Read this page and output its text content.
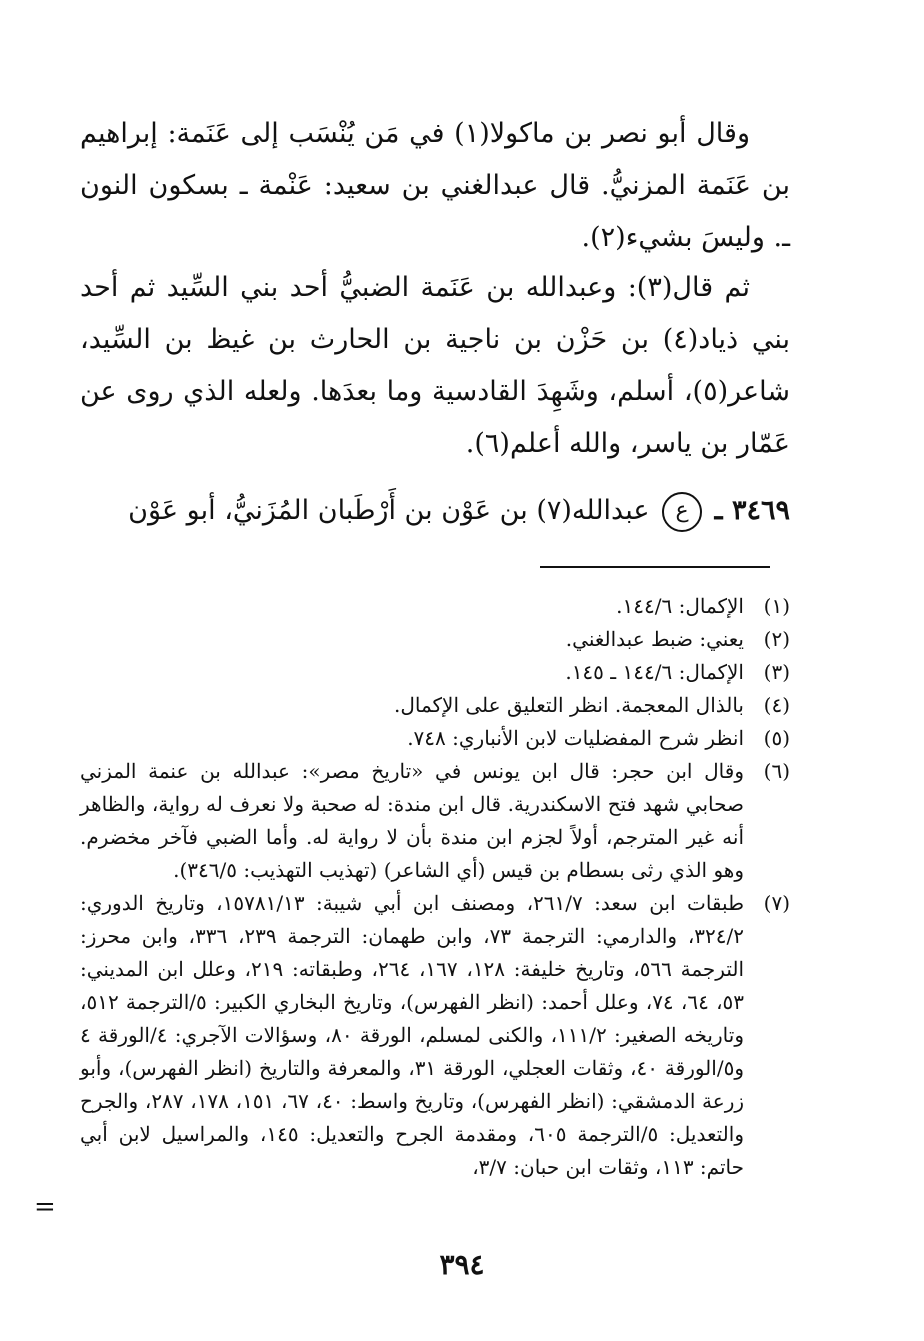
وقال أبو نصر بن ماكولا(١) في مَن يُنْسَب إلى عَنَمة: إبراهيم بن عَنَمة المزنيُّ. قال عبدالغني بن سعيد: عَنْمة ـ بسكون النون ـ. وليسَ بشيء(٢).

ثم قال(٣): وعبدالله بن عَنَمة الضبيُّ أحد بني السِّيد ثم أحد بني ذياد(٤) بن حَزْن بن ناجية بن الحارث بن غيظ بن السِّيد، شاعر(٥)، أسلم، وشَهِدَ القادسية وما بعدَها. ولعله الذي روى عن عَمّار بن ياسر، والله أعلم(٦).

٣٤٦٩ ـ ع عبدالله(٧) بن عَوْن بن أَرْطَبان المُزَنيُّ، أبو عَوْن
(١)
الإكمال: ١٤٤/٦.
(٢)
يعني: ضبط عبدالغني.
(٣)
الإكمال: ١٤٤/٦ ـ ١٤٥.
(٤)
بالذال المعجمة. انظر التعليق على الإكمال.
(٥)
انظر شرح المفضليات لابن الأنباري: ٧٤٨.
(٦)
وقال ابن حجر: قال ابن يونس في «تاريخ مصر»: عبدالله بن عنمة المزني صحابي شهد فتح الاسكندرية. قال ابن مندة: له صحبة ولا نعرف له رواية، والظاهر أنه غير المترجم، أولاً لجزم ابن مندة بأن لا رواية له. وأما الضبي فآخر مخضرم. وهو الذي رثى بسطام بن قيس (أي الشاعر) (تهذيب التهذيب: ٣٤٦/٥).
(٧)
طبقات ابن سعد: ٢٦١/٧، ومصنف ابن أبي شيبة: ١٥٧٨١/١٣، وتاريخ الدوري: ٣٢٤/٢، والدارمي: الترجمة ٧٣، وابن طهمان: الترجمة ٢٣٩، ٣٣٦، وابن محرز: الترجمة ٥٦٦، وتاريخ خليفة: ١٢٨، ١٦٧، ٢٦٤، وطبقاته: ٢١٩، وعلل ابن المديني: ٥٣، ٦٤، ٧٤، وعلل أحمد: (انظر الفهرس)، وتاريخ البخاري الكبير: ٥/الترجمة ٥١٢، وتاريخه الصغير: ١١١/٢، والكنى لمسلم، الورقة ٨٠، وسؤالات الآجري: ٤/الورقة ٤ و٥/الورقة ٤٠، وثقات العجلي، الورقة ٣١، والمعرفة والتاريخ (انظر الفهرس)، وأبو زرعة الدمشقي: (انظر الفهرس)، وتاريخ واسط: ٤٠، ٦٧، ١٥١، ١٧٨، ٢٨٧، والجرح والتعديل: ٥/الترجمة ٦٠٥، ومقدمة الجرح والتعديل: ١٤٥، والمراسيل لابن أبي حاتم: ١١٣، وثقات ابن حبان: ٣/٧،
=
٣٩٤
